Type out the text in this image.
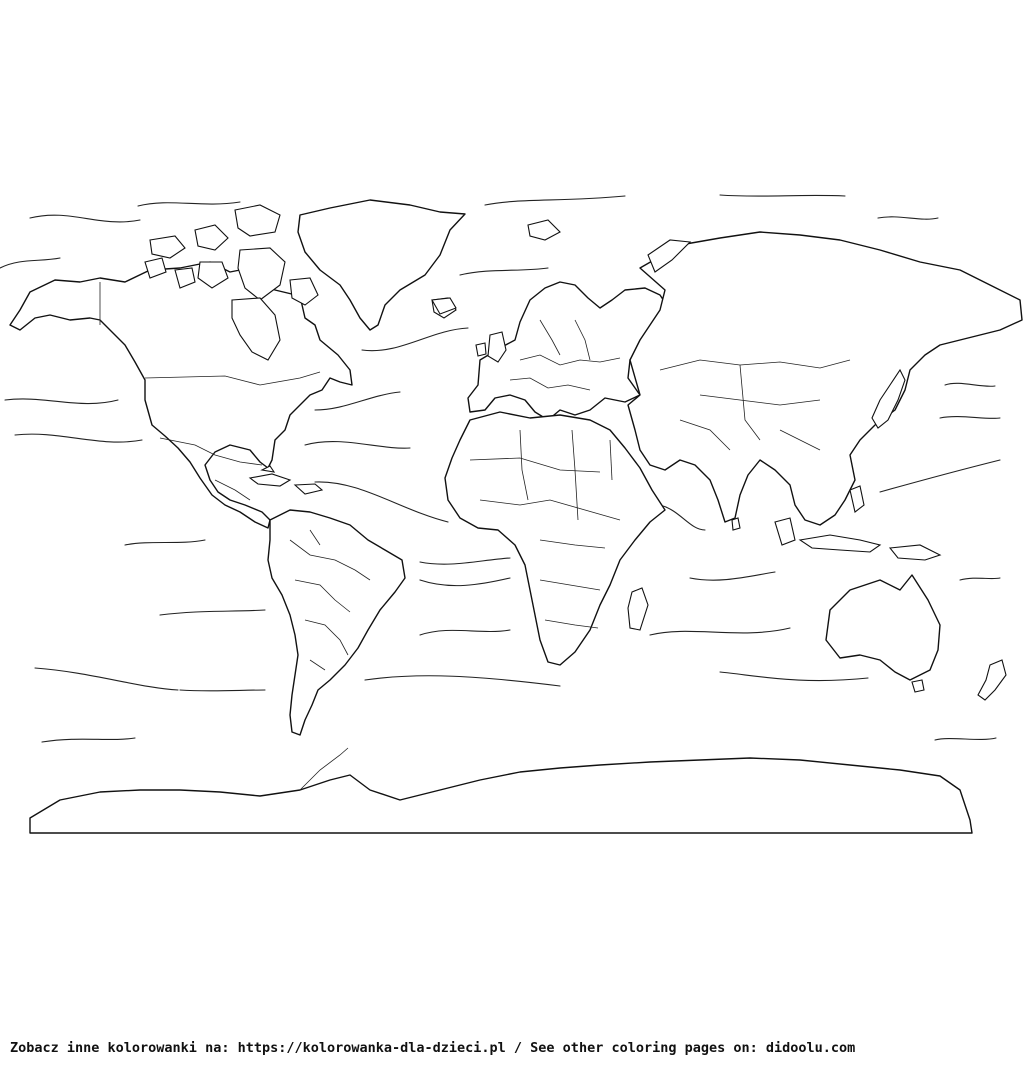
Zobacz inne kolorowanki na: https://kolorowanka-dla-dzieci.pl / See other coloring pages on: didoolu.com
